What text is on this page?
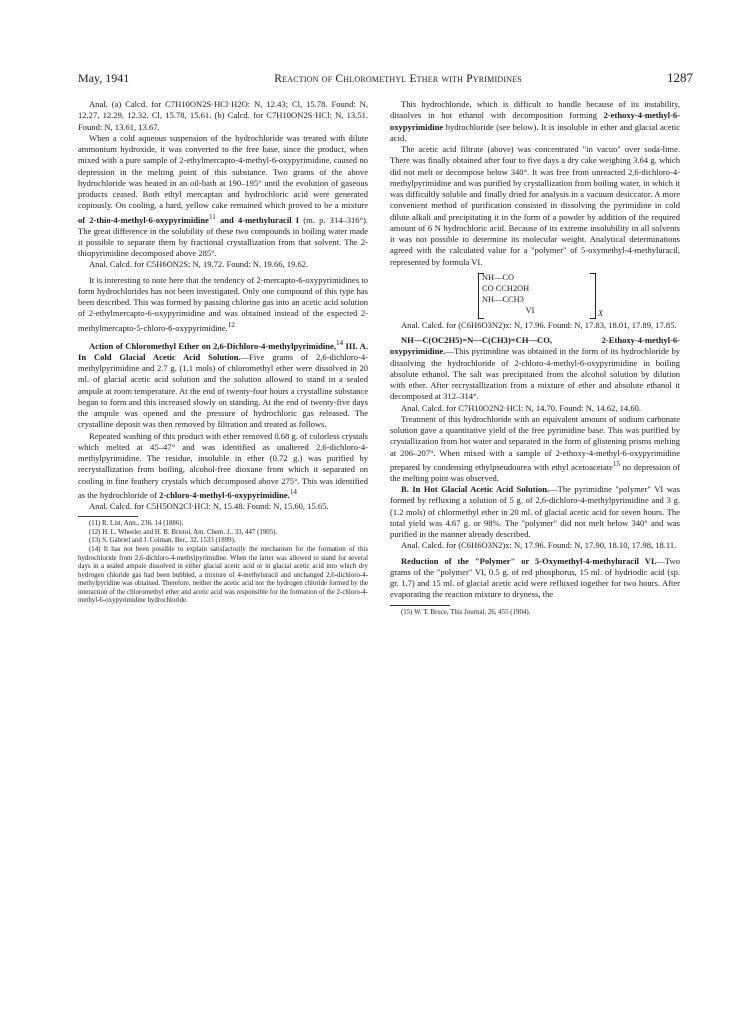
May, 1941	Reaction of Chloromethyl Ether with Pyrimidines	1287

Anal. (a) Calcd. for C7H10ON2S·HCl·H2O: N, 12.43; Cl, 15.78. Found: N, 12.27, 12.29, 12.32. Cl, 15.78, 15.61. (b) Calcd. for C7H10ON2S·HCl: N, 13.51. Found: N, 13.61, 13.67.

When a cold aqueous suspension of the hydrochloride was treated with dilute ammonium hydroxide, it was converted to the free base, since the product, when mixed with a pure sample of 2-ethylmercapto-4-methyl-6-oxypyrimidine, caused no depression in the melting point of this substance. Two grams of the above hydrochloride was heated in an oil-bath at 190–195° until the evolution of gaseous products ceased. Both ethyl mercaptan and hydrochloric acid were generated copiously. On cooling, a hard, yellow cake remained which proved to be a mixture of 2-thio-4-methyl-6-oxypyrimidine$^{11}$ and 4-methyluracil I (m. p. 314–316°). The great difference in the solubility of these two compounds in boiling water made it possible to separate them by fractional crystallization from that solvent. The 2-thiopyrimidine decomposed above 285°.

Anal. Calcd. for C5H6ON2S: N, 19.72. Found: N, 19.66, 19.62.

It is interesting to note here that the tendency of 2-mercapto-6-oxypyrimidines to form hydrochlorides has not been investigated. Only one compound of this type has been described. This was formed by passing chlorine gas into an acetic acid solution of 2-ethylmercapto-6-oxypyrimidine and was obtained instead of the expected 2-methylmercapto-5-chloro-6-oxypyrimidine.$^{12}$

Action of Chloromethyl Ether on 2,6-Dichloro-4-methylpyrimidine,$^{14}$ III. A. In Cold Glacial Acetic Acid Solution.—Five grams of 2,6-dichloro-4-methylpyrimidine and 2.7 g. (1.1 mols) of chloromethyl ether were dissolved in 20 ml. of glacial acetic acid solution and the solution allowed to stand in a sealed ampule at room temperature. At the end of twenty-four hours a crystalline substance began to form and this increased slowly on standing. At the end of twenty-five days the ampule was opened and the pressure of hydrochloric gas released. The crystalline deposit was then removed by filtration and treated as follows.

Repeated washing of this product with ether removed 0.68 g. of colorless crystals which melted at 45–47° and was identified as unaltered 2,6-dichloro-4-methylpyrimidine. The residue, insoluble in ether (0.72 g.) was purified by recrystallization from boiling, alcohol-free dioxane from which it separated on cooling in fine feathery crystals which decomposed above 275°. This was identified as the hydrochloride of 2-chloro-4-methyl-6-oxypyrimidine.$^{14}$

Anal. Calcd. for C5H5ON2Cl·HCl: N, 15.48. Found: N, 15.60, 15.65.

(11) R. List, Ann., 236, 14 (1886).

(12) H. L. Wheeler and H. B. Bristol, Am. Chem. J., 33, 447 (1905).

(13) S. Gabriel and J. Colman, Ber., 32, 1533 (1899).

(14) It has not been possible to explain satisfactorily the mechanism for the formation of this hydrochloride from 2,6-dichloro-4-methylpyrimidine. When the latter was allowed to stand for several days in a sealed ampule dissolved in either glacial acetic acid or in glacial acetic acid into which dry hydrogen chloride gas had been bubbled, a mixture of 4-methyluracil and unchanged 2,6-dichloro-4-methylpyridine was obtained. Therefore, neither the acetic acid nor the hydrogen chloride formed by the interaction of the chloromethyl ether and acetic acid was responsible for the formation of the 2-chloro-4-methyl-6-oxypyrimidine hydrochloride.

This hydrochloride, which is difficult to handle because of its instability, dissolves in hot ethanol with decomposition forming 2-ethoxy-4-methyl-6-oxypyrimidine hydrochloride (see below). It is insoluble in ether and glacial acetic acid.

The acetic acid filtrate (above) was concentrated "in vacuo" over soda-lime. There was finally obtained after four to five days a dry cake weighing 3.64 g. which did not melt or decompose below 340°. It was free from unreacted 2,6-dichloro-4-methylpyrimidine and was purified by crystallization from boiling water, in which it was difficultly soluble and finally dried for analysis in a vacuum desiccator. A more convenient method of purification consisted in dissolving the pyrimidine in cold dilute alkali and precipitating it in the form of a powder by addition of the required amount of 6 N hydrochloric acid. Because of its extreme insolubility in all solvents it was not possible to determine its molecular weight. Analytical determinations agreed with the calculated value for a "polymer" of 5-oxymethyl-4-methyluracil, represented by formula VI.

NH—CO
CO CCH2OH
NH—CCH3
X
VI

Anal. Calcd. for (C6H6O3N2)x: N, 17.96. Found: N, 17.83, 18.01, 17.89, 17.85.

NH—C(OC2H5)=N—C(CH3)=CH—CO, 2-Ethoxy-4-methyl-6-oxypyrimidine.—This pyrimidine was obtained in the form of its hydrochloride by dissolving the hydrochloride of 2-chloro-4-methyl-6-oxypyrimidine in boiling absolute ethanol. The salt was precipitated from the alcohol solution by dilution with ether. After recrystallization from a mixture of ether and absolute ethanol it decomposed at 312–314°.

Anal. Calcd. for C7H10O2N2·HCl: N, 14.70. Found: N, 14.62, 14.60.

Treatment of this hydrochloride with an equivalent amount of sodium carbonate solution gave a quantitative yield of the free pyrimidine base. This was purified by crystallization from hot water and separated in the form of glistening prisms melting at 206–207°. When mixed with a sample of 2-ethoxy-4-methyl-6-oxypyrimidine prepared by condensing ethylpseudourea with ethyl acetoacetate$^{15}$ no depression of the melting point was observed.

B. In Hot Glacial Acetic Acid Solution.—The pyrimidine "polymer" VI was formed by refluxing a solution of 5 g. of 2,6-dichloro-4-methylpyrimidine and 3 g. (1.2 mols) of chlormethyl ether in 20 ml. of glacial acetic acid for seven hours. The total yield was 4.67 g. or 98%. The "polymer" did not melt below 340° and was purified in the manner already described.

Anal. Calcd. for (C6H6O3N2)x: N, 17.96. Found: N, 17.90, 18.10, 17.98, 18.11.

Reduction of the "Polymer" or 5-Oxymethyl-4-methyluracil VI.—Two grams of the "polymer" VI, 0.5 g. of red phosphorus, 15 ml. of hydriodic acid (sp. gr. 1.7) and 15 ml. of glacial acetic acid were refluxed together for two hours. After evaporating the reaction mixture to dryness, the

(15) W. T. Bruce, This Journal, 26, 455 (1904).
